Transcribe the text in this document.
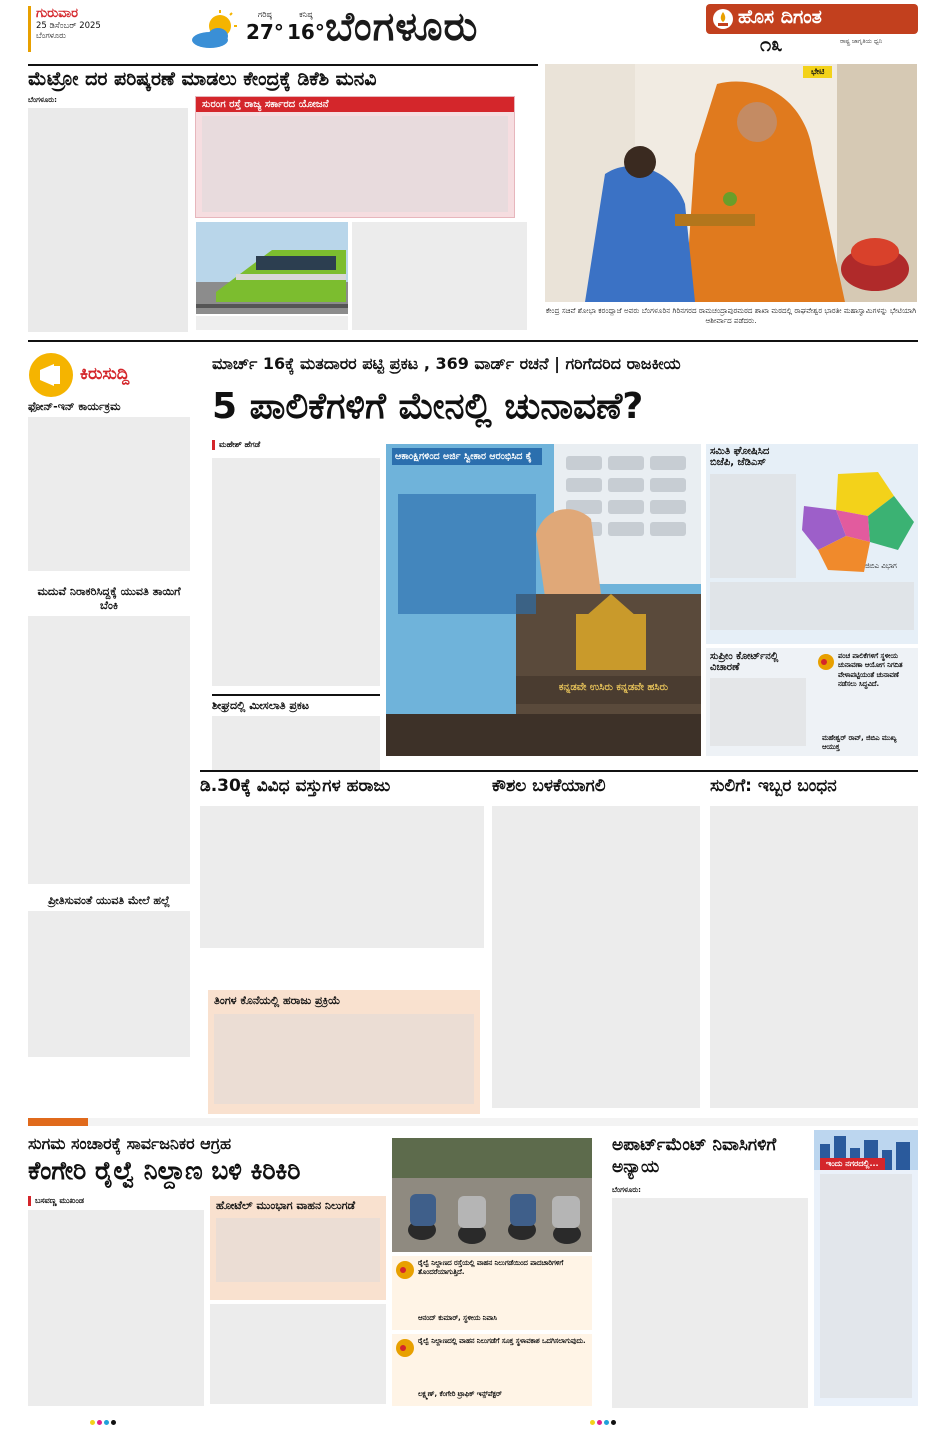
ಗುರುವಾರ
25 ಡಿಸೆಂಬರ್ 2025
ಬೆಂಗಳೂರು
ಗರಿಷ್ಠ
27°
ಕನಿಷ್ಠ
16° ಬೆಂಗಳೂರು	ಹೊಸ ದಿಗಂತ
೧೩	ರಾಷ್ಟ್ರ ಜಾಗೃತಿಯ ಧ್ವನಿ
ಮೆಟ್ರೋ ದರ ಪರಿಷ್ಕರಣೆ ಮಾಡಲು ಕೇಂದ್ರಕ್ಕೆ ಡಿಕೆಶಿ ಮನವಿ
ಬೆಂಗಳೂರು:	ಸುರಂಗ ರಸ್ತೆ ರಾಜ್ಯ ಸರ್ಕಾರದ ಯೋಜನೆ
ಭೇಟಿ
ಕೇಂದ್ರ ಸಚಿವೆ ಶೋಭಾ ಕರಂದ್ಲಾಜೆ ಅವರು ಬೆಂಗಳೂರಿನ ಗಿರಿನಗರದ ರಾಮಚಂದ್ರಾಪುರಮಠದ ಶಾಖಾ ಮಠದಲ್ಲಿ ರಾಘವೇಶ್ವರ ಭಾರತೀ ಮಹಾಸ್ವಾಮಿಗಳನ್ನು ಭೇಟಿಯಾಗಿ ಆಶೀರ್ವಾದ ಪಡೆದರು.
ಮಾರ್ಚ್ 16ಕ್ಕೆ ಮತದಾರರ ಪಟ್ಟಿ ಪ್ರಕಟ , 369 ವಾರ್ಡ್ ರಚನೆ | ಗರಿಗೆದರಿದ ರಾಜಕೀಯ
5 ಪಾಲಿಕೆಗಳಿಗೆ ಮೇನಲ್ಲಿ ಚುನಾವಣೆ?
ಕಿರುಸುದ್ದಿ
ಫೋನ್-ಇನ್ ಕಾರ್ಯಕ್ರಮ
ಮದುವೆ ನಿರಾಕರಿಸಿದ್ದಕ್ಕೆ ಯುವತಿ ತಾಯಿಗೆ ಬೆಂಕಿ
ಪ್ರೀತಿಸುವಂತೆ ಯುವತಿ ಮೇಲೆ ಹಲ್ಲೆ
ಮಹೇಶ್ ಹೆಗಡೆ
ಶೀಘ್ರದಲ್ಲಿ ಮೀಸಲಾತಿ ಪ್ರಕಟ
ಆಕಾಂಕ್ಷಿಗಳಿಂದ ಅರ್ಜಿ ಸ್ವೀಕಾರ ಆರಂಭಿಸಿದ ಕೈ
ಕನ್ನಡವೇ ಉಸಿರು ಕನ್ನಡವೇ ಹಸಿರು
ಸಮಿತಿ ಘೋಷಿಸಿದ ಬಿಜೆಪಿ, ಜೆಡಿಎಸ್
ಜಿಬಿಎ ವಿಭಾಗ
ಸುಪ್ರೀಂ ಕೋರ್ಟ್‌ನಲ್ಲಿ ವಿಚಾರಣೆ
ಪಂಚ ಪಾಲಿಕೆಗಳಿಗೆ ಸ್ಥಳೀಯ ಚುನಾವಣಾ ಆಯೋಗ ನಿಗದಿತ ವೇಳಾಪಟ್ಟಿಯಂತೆ ಚುನಾವಣೆ ನಡೆಸಲು ಸಿದ್ಧವಿದೆ.
ಮಹೇಶ್ವರ್ ರಾವ್, ಜಿಬಿಎ ಮುಖ್ಯ ಆಯುಕ್ತ
ಡಿ.30ಕ್ಕೆ ವಿವಿಧ ವಸ್ತುಗಳ ಹರಾಜು
ತಿಂಗಳ ಕೊನೆಯಲ್ಲಿ ಹರಾಜು ಪ್ರಕ್ರಿಯೆ
ಕೌಶಲ ಬಳಕೆಯಾಗಲಿ	ಸುಲಿಗೆ: ಇಬ್ಬರ ಬಂಧನ
ಸುಗಮ ಸಂಚಾರಕ್ಕೆ ಸಾರ್ವಜನಿಕರ ಆಗ್ರಹ
ಕೆಂಗೇರಿ ರೈಲ್ವೆ ನಿಲ್ದಾಣ ಬಳಿ ಕಿರಿಕಿರಿ
ಬಸವಣ್ಣ ಮುಖಂಡ	ಹೋಟೆಲ್ ಮುಂಭಾಗ ವಾಹನ ನಿಲುಗಡೆ
ರೈಲ್ವೆ ನಿಲ್ದಾಣದ ರಸ್ತೆಯಲ್ಲಿ ವಾಹನ ನಿಲುಗಡೆಯಿಂದ ಪಾದಚಾರಿಗಳಿಗೆ ತೊಂದರೆಯಾಗುತ್ತಿದೆ.
ಆನಂದ್ ಕುಮಾರ್, ಸ್ಥಳೀಯ ನಿವಾಸಿ
ರೈಲ್ವೆ ನಿಲ್ದಾಣದಲ್ಲಿ ವಾಹನ ನಿಲುಗಡೆಗೆ ಸೂಕ್ತ ಸ್ಥಳಾವಕಾಶ ಒದಗಿಸಲಾಗುವುದು.
ಲಕ್ಷ್ಮಣ್, ಕೆಂಗೇರಿ ಟ್ರಾಫಿಕ್ ಇನ್ಸ್‌ಪೆಕ್ಟರ್
ಅಪಾರ್ಟ್‌ಮೆಂಟ್ ನಿವಾಸಿಗಳಿಗೆ ಅನ್ಯಾಯ
ಬೆಂಗಳೂರು:
ಇಂದು ನಗರದಲ್ಲಿ...
